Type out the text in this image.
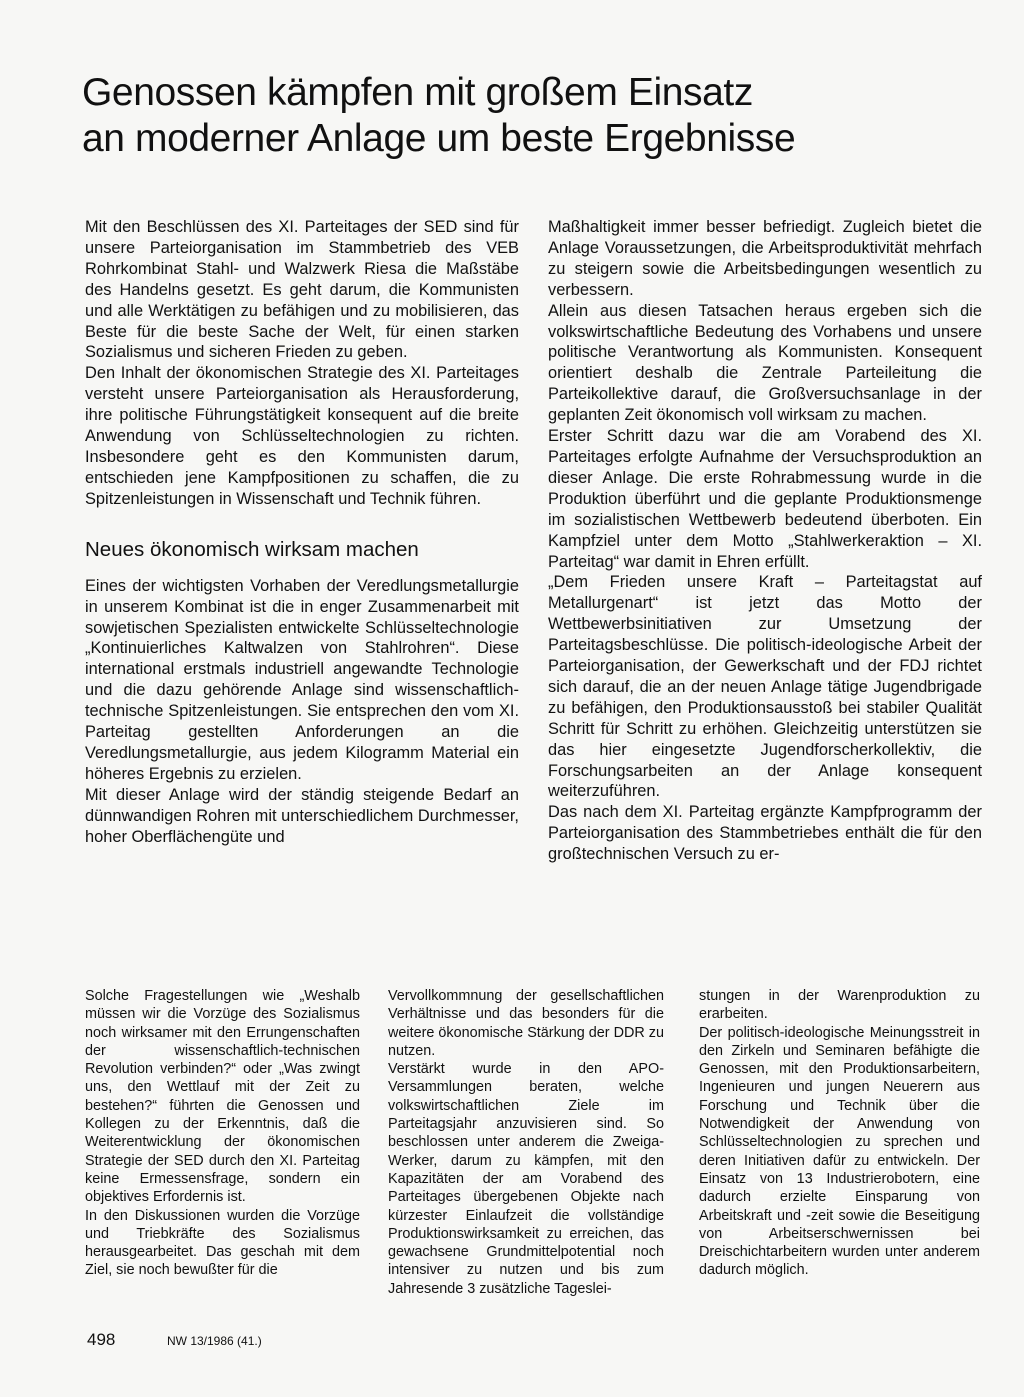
Genossen kämpfen mit großem Einsatz
an moderner Anlage um beste Ergebnisse

Mit den Beschlüssen des XI. Parteitages der SED sind für unsere Parteiorganisation im Stammbetrieb des VEB Rohrkombinat Stahl- und Walzwerk Riesa die Maßstäbe des Handelns gesetzt. Es geht darum, die Kommunisten und alle Werktätigen zu befähigen und zu mobilisieren, das Beste für die beste Sache der Welt, für einen starken Sozialismus und sicheren Frieden zu geben.

Den Inhalt der ökonomischen Strategie des XI. Parteitages versteht unsere Parteiorganisation als Herausforderung, ihre politische Führungstätigkeit konsequent auf die breite Anwendung von Schlüsseltechnologien zu richten. Insbesondere geht es den Kommunisten darum, entschieden jene Kampfpositionen zu schaffen, die zu Spitzenleistungen in Wissenschaft und Technik führen.

Neues ökonomisch wirksam machen

Eines der wichtigsten Vorhaben der Veredlungsmetallurgie in unserem Kombinat ist die in enger Zusammenarbeit mit sowjetischen Spezialisten entwickelte Schlüsseltechnologie „Kontinuierliches Kaltwalzen von Stahlrohren“. Diese international erstmals industriell angewandte Technologie und die dazu gehörende Anlage sind wissenschaftlich-technische Spitzenleistungen. Sie entsprechen den vom XI. Parteitag gestellten Anforderungen an die Veredlungsmetallurgie, aus jedem Kilogramm Material ein höheres Ergebnis zu erzielen.

Mit dieser Anlage wird der ständig steigende Bedarf an dünnwandigen Rohren mit unterschiedlichem Durchmesser, hoher Oberflächengüte und

Maßhaltigkeit immer besser befriedigt. Zugleich bietet die Anlage Voraussetzungen, die Arbeitsproduktivität mehrfach zu steigern sowie die Arbeitsbedingungen wesentlich zu verbessern.

Allein aus diesen Tatsachen heraus ergeben sich die volkswirtschaftliche Bedeutung des Vorhabens und unsere politische Verantwortung als Kommunisten. Konsequent orientiert deshalb die Zentrale Parteileitung die Parteikollektive darauf, die Großversuchsanlage in der geplanten Zeit ökonomisch voll wirksam zu machen.

Erster Schritt dazu war die am Vorabend des XI. Parteitages erfolgte Aufnahme der Versuchsproduktion an dieser Anlage. Die erste Rohrabmessung wurde in die Produktion überführt und die geplante Produktionsmenge im sozialistischen Wettbewerb bedeutend überboten. Ein Kampfziel unter dem Motto „Stahlwerkeraktion – XI. Parteitag“ war damit in Ehren erfüllt.

„Dem Frieden unsere Kraft – Parteitagstat auf Metallurgenart“ ist jetzt das Motto der Wettbewerbsinitiativen zur Umsetzung der Parteitagsbeschlüsse. Die politisch-ideologische Arbeit der Parteiorganisation, der Gewerkschaft und der FDJ richtet sich darauf, die an der neuen Anlage tätige Jugendbrigade zu befähigen, den Produktionsausstoß bei stabiler Qualität Schritt für Schritt zu erhöhen. Gleichzeitig unterstützen sie das hier eingesetzte Jugendforscherkollektiv, die Forschungsarbeiten an der Anlage konsequent weiterzuführen.

Das nach dem XI. Parteitag ergänzte Kampfprogramm der Parteiorganisation des Stammbetriebes enthält die für den großtechnischen Versuch zu er-

Solche Fragestellungen wie „Weshalb müssen wir die Vorzüge des Sozialismus noch wirksamer mit den Errungenschaften der wissenschaftlich-technischen Revolution verbinden?“ oder „Was zwingt uns, den Wettlauf mit der Zeit zu bestehen?“ führten die Genossen und Kollegen zu der Erkenntnis, daß die Weiterentwicklung der ökonomischen Strategie der SED durch den XI. Parteitag keine Ermessensfrage, sondern ein objektives Erfordernis ist.

In den Diskussionen wurden die Vorzüge und Triebkräfte des Sozialismus herausgearbeitet. Das geschah mit dem Ziel, sie noch bewußter für die

Vervollkommnung der gesellschaftlichen Verhältnisse und das besonders für die weitere ökonomische Stärkung der DDR zu nutzen.

Verstärkt wurde in den APO-Versammlungen beraten, welche volkswirtschaftlichen Ziele im Parteitagsjahr anzuvisieren sind. So beschlossen unter anderem die Zweiga-Werker, darum zu kämpfen, mit den Kapazitäten der am Vorabend des Parteitages übergebenen Objekte nach kürzester Einlaufzeit die vollständige Produktionswirksamkeit zu erreichen, das gewachsene Grundmittelpotential noch intensiver zu nutzen und bis zum Jahresende 3 zusätzliche Tageslei-

stungen in der Warenproduktion zu erarbeiten.

Der politisch-ideologische Meinungsstreit in den Zirkeln und Seminaren befähigte die Genossen, mit den Produktionsarbeitern, Ingenieuren und jungen Neuerern aus Forschung und Technik über die Notwendigkeit der Anwendung von Schlüsseltechnologien zu sprechen und deren Initiativen dafür zu entwickeln. Der Einsatz von 13 Industrierobotern, eine dadurch erzielte Einsparung von Arbeitskraft und -zeit sowie die Beseitigung von Arbeitserschwernissen bei Dreischichtarbeitern wurden unter anderem dadurch möglich.

498	NW 13/1986 (41.)
